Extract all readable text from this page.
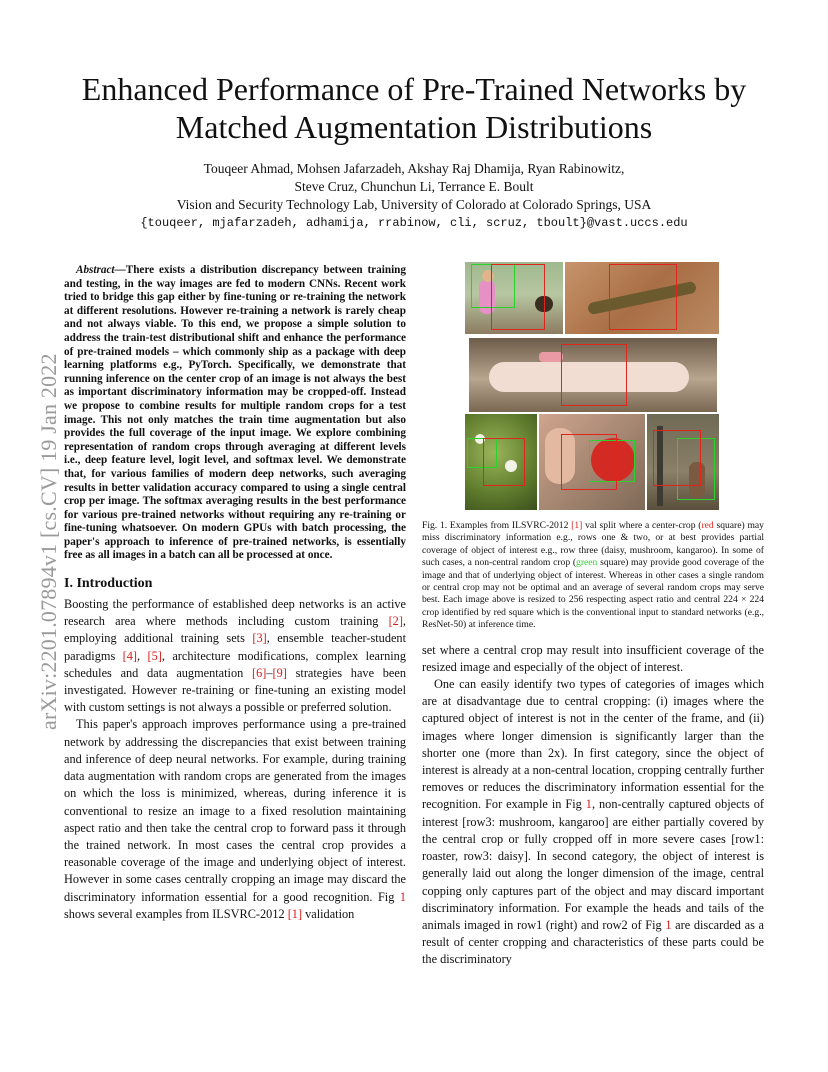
arXiv:2201.07894v1 [cs.CV] 19 Jan 2022
Enhanced Performance of Pre-Trained Networks by
Matched Augmentation Distributions
Touqeer Ahmad, Mohsen Jafarzadeh, Akshay Raj Dhamija, Ryan Rabinowitz,
Steve Cruz, Chunchun Li, Terrance E. Boult
Vision and Security Technology Lab, University of Colorado at Colorado Springs, USA
{touqeer, mjafarzadeh, adhamija, rrabinow, cli, scruz, tboult}@vast.uccs.edu

Abstract—There exists a distribution discrepancy between training and testing, in the way images are fed to modern CNNs. Recent work tried to bridge this gap either by fine-tuning or re-training the network at different resolutions. However re-training a network is rarely cheap and not always viable. To this end, we propose a simple solution to address the train-test distributional shift and enhance the performance of pre-trained models – which commonly ship as a package with deep learning platforms e.g., PyTorch. Specifically, we demonstrate that running inference on the center crop of an image is not always the best as important discriminatory information may be cropped-off. Instead we propose to combine results for multiple random crops for a test image. This not only matches the train time augmentation but also provides the full coverage of the input image. We explore combining representation of random crops through averaging at different levels i.e., deep feature level, logit level, and softmax level. We demonstrate that, for various families of modern deep networks, such averaging results in better validation accuracy compared to using a single central crop per image. The softmax averaging results in the best performance for various pre-trained networks without requiring any re-training or fine-tuning whatsoever. On modern GPUs with batch processing, the paper's approach to inference of pre-trained networks, is essentially free as all images in a batch can all be processed at once.

I. Introduction

Boosting the performance of established deep networks is an active research area where methods including custom training [2], employing additional training sets [3], ensemble teacher-student paradigms [4], [5], architecture modifications, complex learning schedules and data augmentation [6]–[9] strategies have been investigated. However re-training or fine-tuning an existing model with custom settings is not always a possible or preferred solution.

This paper's approach improves performance using a pre-trained network by addressing the discrepancies that exist between training and inference of deep neural networks. For example, during training data augmentation with random crops are generated from the images on which the loss is minimized, whereas, during inference it is conventional to resize an image to a fixed resolution maintaining aspect ratio and then take the central crop to forward pass it through the trained network. In most cases the central crop provides a reasonable coverage of the image and underlying object of interest. However in some cases centrally cropping an image may discard the discriminatory information essential for a good recognition. Fig 1 shows several examples from ILSVRC-2012 [1] validation

Fig. 1. Examples from ILSVRC-2012 [1] val split where a center-crop (red square) may miss discriminatory information e.g., rows one & two, or at best provides partial coverage of object of interest e.g., row three (daisy, mushroom, kangaroo). In some of such cases, a non-central random crop (green square) may provide good coverage of the image and that of underlying object of interest. Whereas in other cases a single random or central crop may not be optimal and an average of several random crops may serve best. Each image above is resized to 256 respecting aspect ratio and central 224 × 224 crop identified by red square which is the conventional input to standard networks (e.g., ResNet-50) at inference time.

set where a central crop may result into insufficient coverage of the resized image and especially of the object of interest.

One can easily identify two types of categories of images which are at disadvantage due to central cropping: (i) images where the captured object of interest is not in the center of the frame, and (ii) images where longer dimension is significantly larger than the shorter one (more than 2x). In first category, since the object of interest is already at a non-central location, cropping centrally further removes or reduces the discriminatory information essential for the recognition. For example in Fig 1, non-centrally captured objects of interest [row3: mushroom, kangaroo] are either partially covered by the central crop or fully cropped off in more severe cases [row1: roaster, row3: daisy]. In second category, the object of interest is generally laid out along the longer dimension of the image, central copping only captures part of the object and may discard important discriminatory information. For example the heads and tails of the animals imaged in row1 (right) and row2 of Fig 1 are discarded as a result of center cropping and characteristics of these parts could be the discriminatory
